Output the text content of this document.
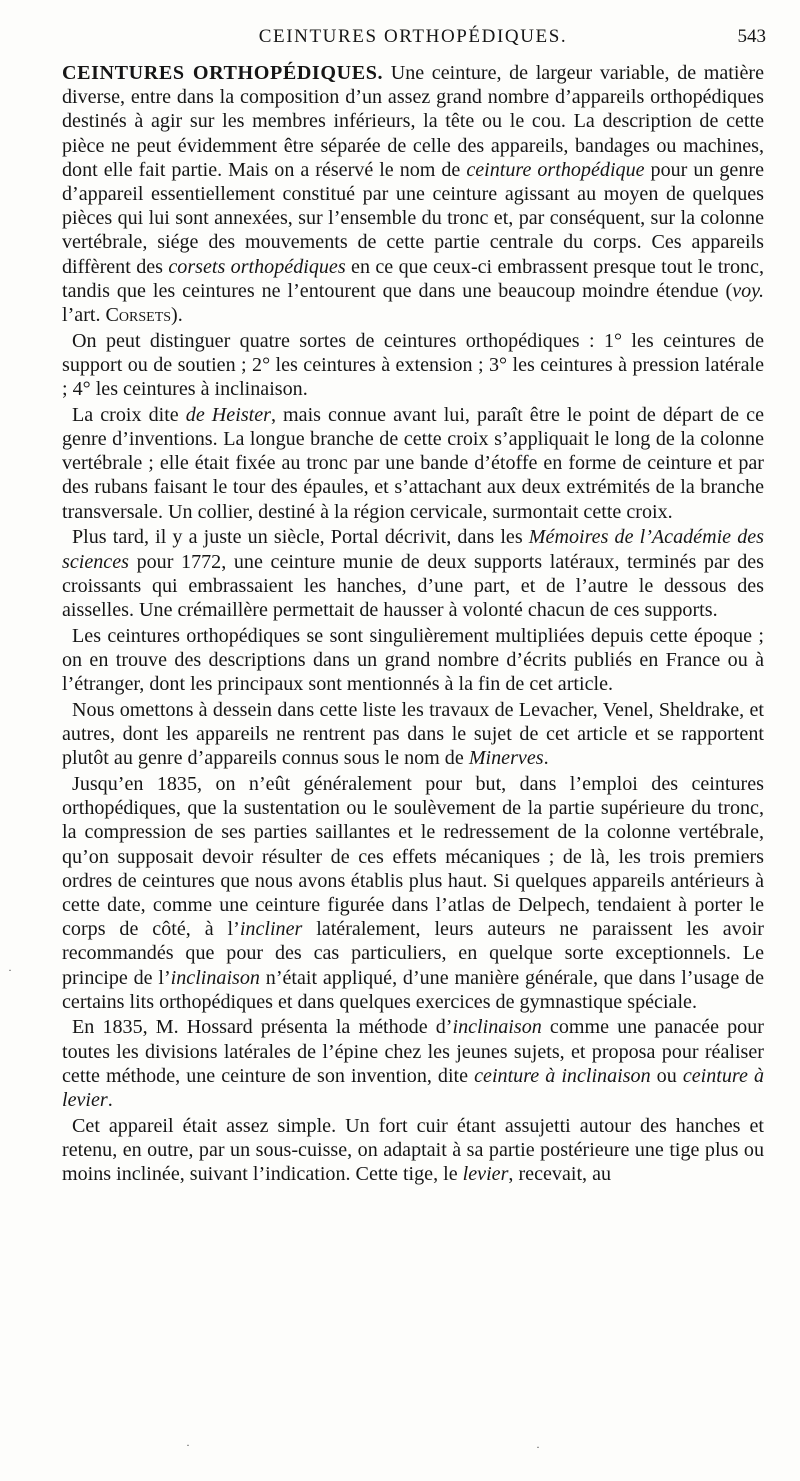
CEINTURES ORTHOPÉDIQUES.	543

CEINTURES ORTHOPÉDIQUES. Une ceinture, de largeur variable, de matière diverse, entre dans la composition d’un assez grand nombre d’appareils orthopédiques destinés à agir sur les membres inférieurs, la tête ou le cou. La description de cette pièce ne peut évidemment être séparée de celle des appareils, bandages ou machines, dont elle fait partie. Mais on a réservé le nom de ceinture orthopédique pour un genre d’appareil essentiellement constitué par une ceinture agissant au moyen de quelques pièces qui lui sont annexées, sur l’ensemble du tronc et, par conséquent, sur la colonne vertébrale, siége des mouvements de cette partie centrale du corps. Ces appareils diffèrent des corsets orthopédiques en ce que ceux-ci embrassent presque tout le tronc, tandis que les ceintures ne l’entourent que dans une beaucoup moindre étendue (voy. l’art. Corsets).

On peut distinguer quatre sortes de ceintures orthopédiques : 1° les ceintures de support ou de soutien ; 2° les ceintures à extension ; 3° les ceintures à pression latérale ; 4° les ceintures à inclinaison.

La croix dite de Heister, mais connue avant lui, paraît être le point de départ de ce genre d’inventions. La longue branche de cette croix s’appliquait le long de la colonne vertébrale ; elle était fixée au tronc par une bande d’étoffe en forme de ceinture et par des rubans faisant le tour des épaules, et s’attachant aux deux extrémités de la branche transversale. Un collier, destiné à la région cervicale, surmontait cette croix.

Plus tard, il y a juste un siècle, Portal décrivit, dans les Mémoires de l’Académie des sciences pour 1772, une ceinture munie de deux supports latéraux, terminés par des croissants qui embrassaient les hanches, d’une part, et de l’autre le dessous des aisselles. Une crémaillère permettait de hausser à volonté chacun de ces supports.

Les ceintures orthopédiques se sont singulièrement multipliées depuis cette époque ; on en trouve des descriptions dans un grand nombre d’écrits publiés en France ou à l’étranger, dont les principaux sont mentionnés à la fin de cet article.

Nous omettons à dessein dans cette liste les travaux de Levacher, Venel, Sheldrake, et autres, dont les appareils ne rentrent pas dans le sujet de cet article et se rapportent plutôt au genre d’appareils connus sous le nom de Minerves.

Jusqu’en 1835, on n’eût généralement pour but, dans l’emploi des ceintures orthopédiques, que la sustentation ou le soulèvement de la partie supérieure du tronc, la compression de ses parties saillantes et le redressement de la colonne vertébrale, qu’on supposait devoir résulter de ces effets mécaniques ; de là, les trois premiers ordres de ceintures que nous avons établis plus haut. Si quelques appareils antérieurs à cette date, comme une ceinture figurée dans l’atlas de Delpech, tendaient à porter le corps de côté, à l’incliner latéralement, leurs auteurs ne paraissent les avoir recommandés que pour des cas particuliers, en quelque sorte exceptionnels. Le principe de l’inclinaison n’était appliqué, d’une manière générale, que dans l’usage de certains lits orthopédiques et dans quelques exercices de gymnastique spéciale.

En 1835, M. Hossard présenta la méthode d’inclinaison comme une panacée pour toutes les divisions latérales de l’épine chez les jeunes sujets, et proposa pour réaliser cette méthode, une ceinture de son invention, dite ceinture à inclinaison ou ceinture à levier.

Cet appareil était assez simple. Un fort cuir étant assujetti autour des hanches et retenu, en outre, par un sous-cuisse, on adaptait à sa partie postérieure une tige plus ou moins inclinée, suivant l’indication. Cette tige, le levier, recevait, au

·
·	·
